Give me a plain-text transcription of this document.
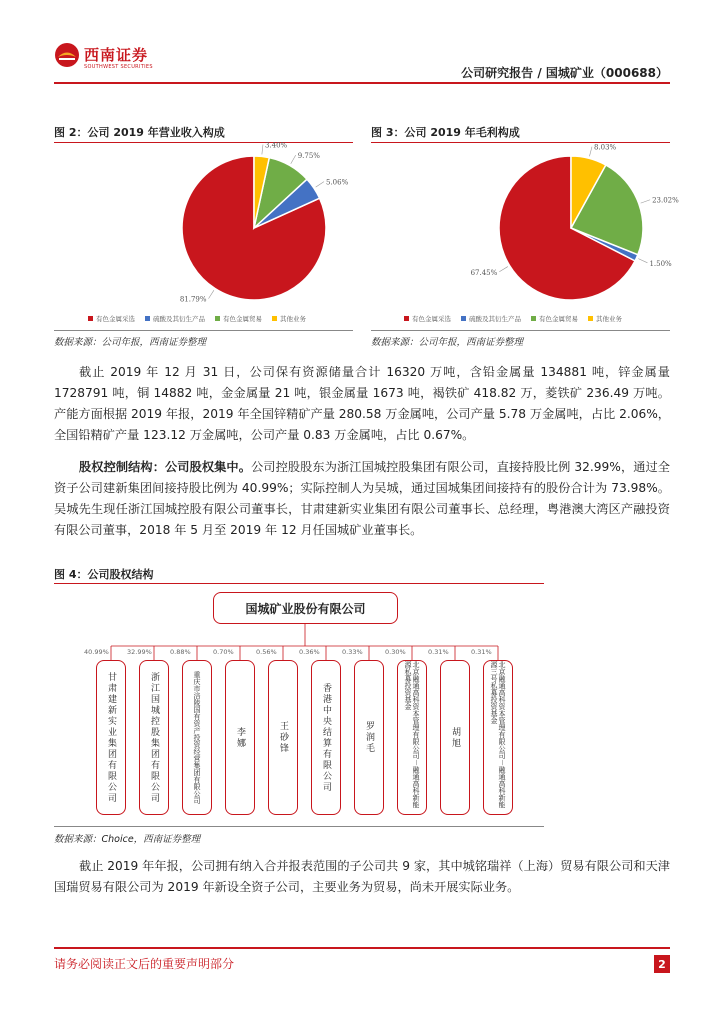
西南证券
SOUTHWEST SECURITIES	公司研究报告 / 国城矿业（000688）
图 2：公司 2019 年营业收入构成
81.79%
5.06%
9.75%
3.40%
有色金属采选	硫酸及其衍生产品	有色金属贸易	其他业务
数据来源：公司年报，西南证券整理
图 3：公司 2019 年毛利构成
67.45%
1.50%
23.02%
8.03%
有色金属采选	硫酸及其衍生产品	有色金属贸易	其他业务
数据来源：公司年报，西南证券整理
截止 2019 年 12 月 31 日，公司保有资源储量合计 16320 万吨，含铅金属量 134881 吨，锌金属量 1728791 吨，铜 14882 吨，金金属量 21 吨，银金属量 1673 吨，褐铁矿 418.82 万，菱铁矿 236.49 万吨。产能方面根据 2019 年报，2019 年全国锌精矿产量 280.58 万金属吨，公司产量 5.78 万金属吨，占比 2.06%，全国铅精矿产量 123.12 万金属吨，公司产量 0.83 万金属吨，占比 0.67%。
股权控制结构：公司股权集中。公司控股股东为浙江国城控股集团有限公司，直接持股比例 32.99%，通过全资子公司建新集团间接持股比例为 40.99%；实际控制人为吴城，通过国城集团间接持有的股份合计为 73.98%。吴城先生现任浙江国城控股有限公司董事长，甘肃建新实业集团有限公司董事长、总经理，粤港澳大湾区产融投资有限公司董事，2018 年 5 月至 2019 年 12 月任国城矿业董事长。
图 4：公司股权结构
国城矿业股份有限公司
40.99%
甘肃建新实业集团有限公司
32.99%
浙江国城控股集团有限公司
0.88%
重庆市涪陵国有资产投资经营集团有限公司
0.70%
李娜
0.56%
王砂锋
0.36%
香港中央结算有限公司
0.33%
罗润毛
0.30%
北京融通高科资本管理有限公司－融通高科新能源私募投资基金
0.31%
胡旭
0.31%
北京融通高科资本管理有限公司－融通高科新能源三号私募投资基金
数据来源：Choice，西南证券整理
截止 2019 年年报，公司拥有纳入合并报表范围的子公司共 9 家，其中城铭瑞祥（上海）贸易有限公司和天津国瑞贸易有限公司为 2019 年新设全资子公司，主要业务为贸易，尚未开展实际业务。
请务必阅读正文后的重要声明部分	2
